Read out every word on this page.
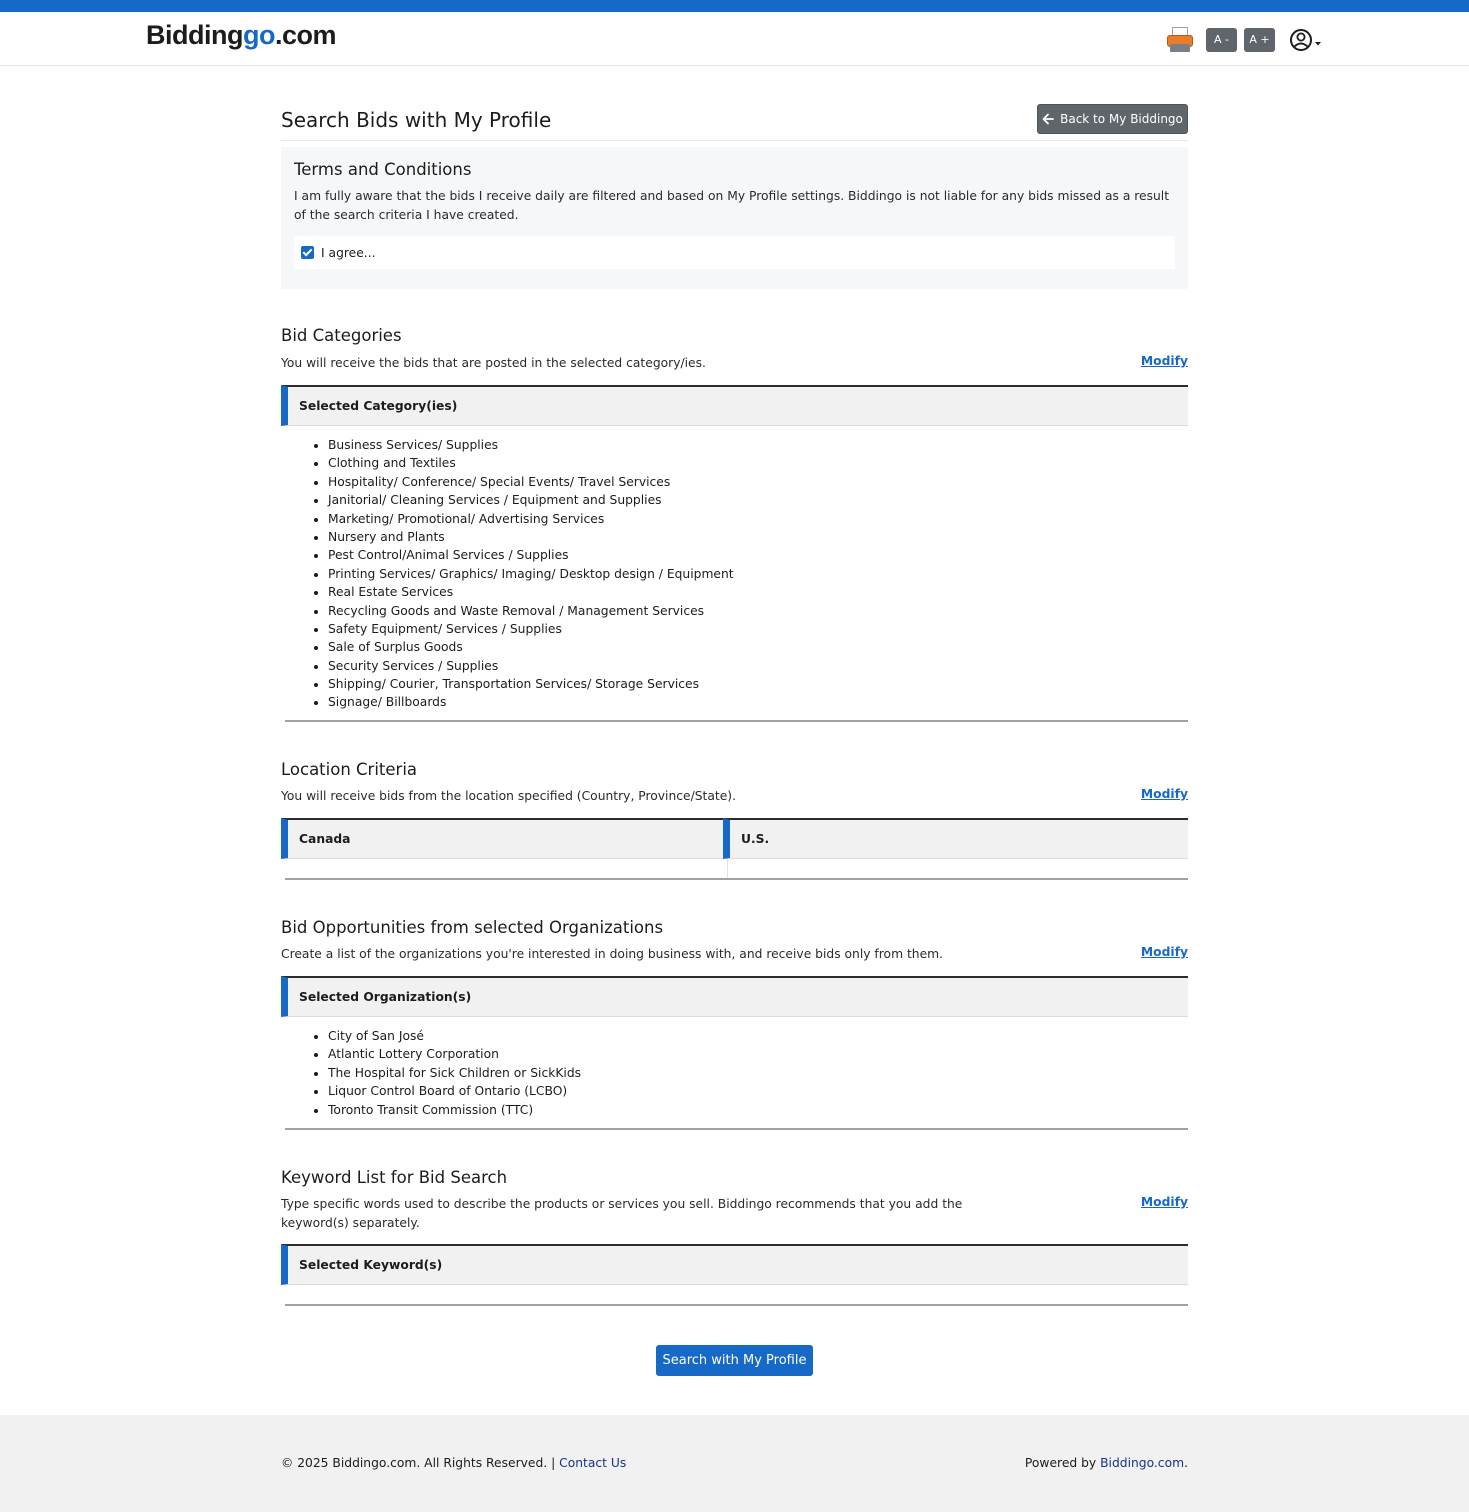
Biddinggo.com	A -	A +
Search Bids with My Profile	Back to My Biddingo
Terms and Conditions

I am fully aware that the bids I receive daily are filtered and based on My Profile settings. Biddingo is not liable for any bids missed as a result of the search criteria I have created.

I agree...
Bid Categories

You will receive the bids that are posted in the selected category/ies.	Modify
Selected Category(ies)
• Business Services/ Supplies
• Clothing and Textiles
• Hospitality/ Conference/ Special Events/ Travel Services
• Janitorial/ Cleaning Services / Equipment and Supplies
• Marketing/ Promotional/ Advertising Services
• Nursery and Plants
• Pest Control/Animal Services / Supplies
• Printing Services/ Graphics/ Imaging/ Desktop design / Equipment
• Real Estate Services
• Recycling Goods and Waste Removal / Management Services
• Safety Equipment/ Services / Supplies
• Sale of Surplus Goods
• Security Services / Supplies
• Shipping/ Courier, Transportation Services/ Storage Services
• Signage/ Billboards
Location Criteria

You will receive bids from the location specified (Country, Province/State).	Modify
Canada	U.S.
Bid Opportunities from selected Organizations

Create a list of the organizations you're interested in doing business with, and receive bids only from them.	Modify
Selected Organization(s)
• City of San José
• Atlantic Lottery Corporation
• The Hospital for Sick Children or SickKids
• Liquor Control Board of Ontario (LCBO)
• Toronto Transit Commission (TTC)
Keyword List for Bid Search

Type specific words used to describe the products or services you sell. Biddingo recommends that you add the
keyword(s) separately.

Modify
Selected Keyword(s)
Search with My Profile
© 2025 Biddingo.com. All Rights Reserved. | Contact Us	Powered by Biddingo.com.
